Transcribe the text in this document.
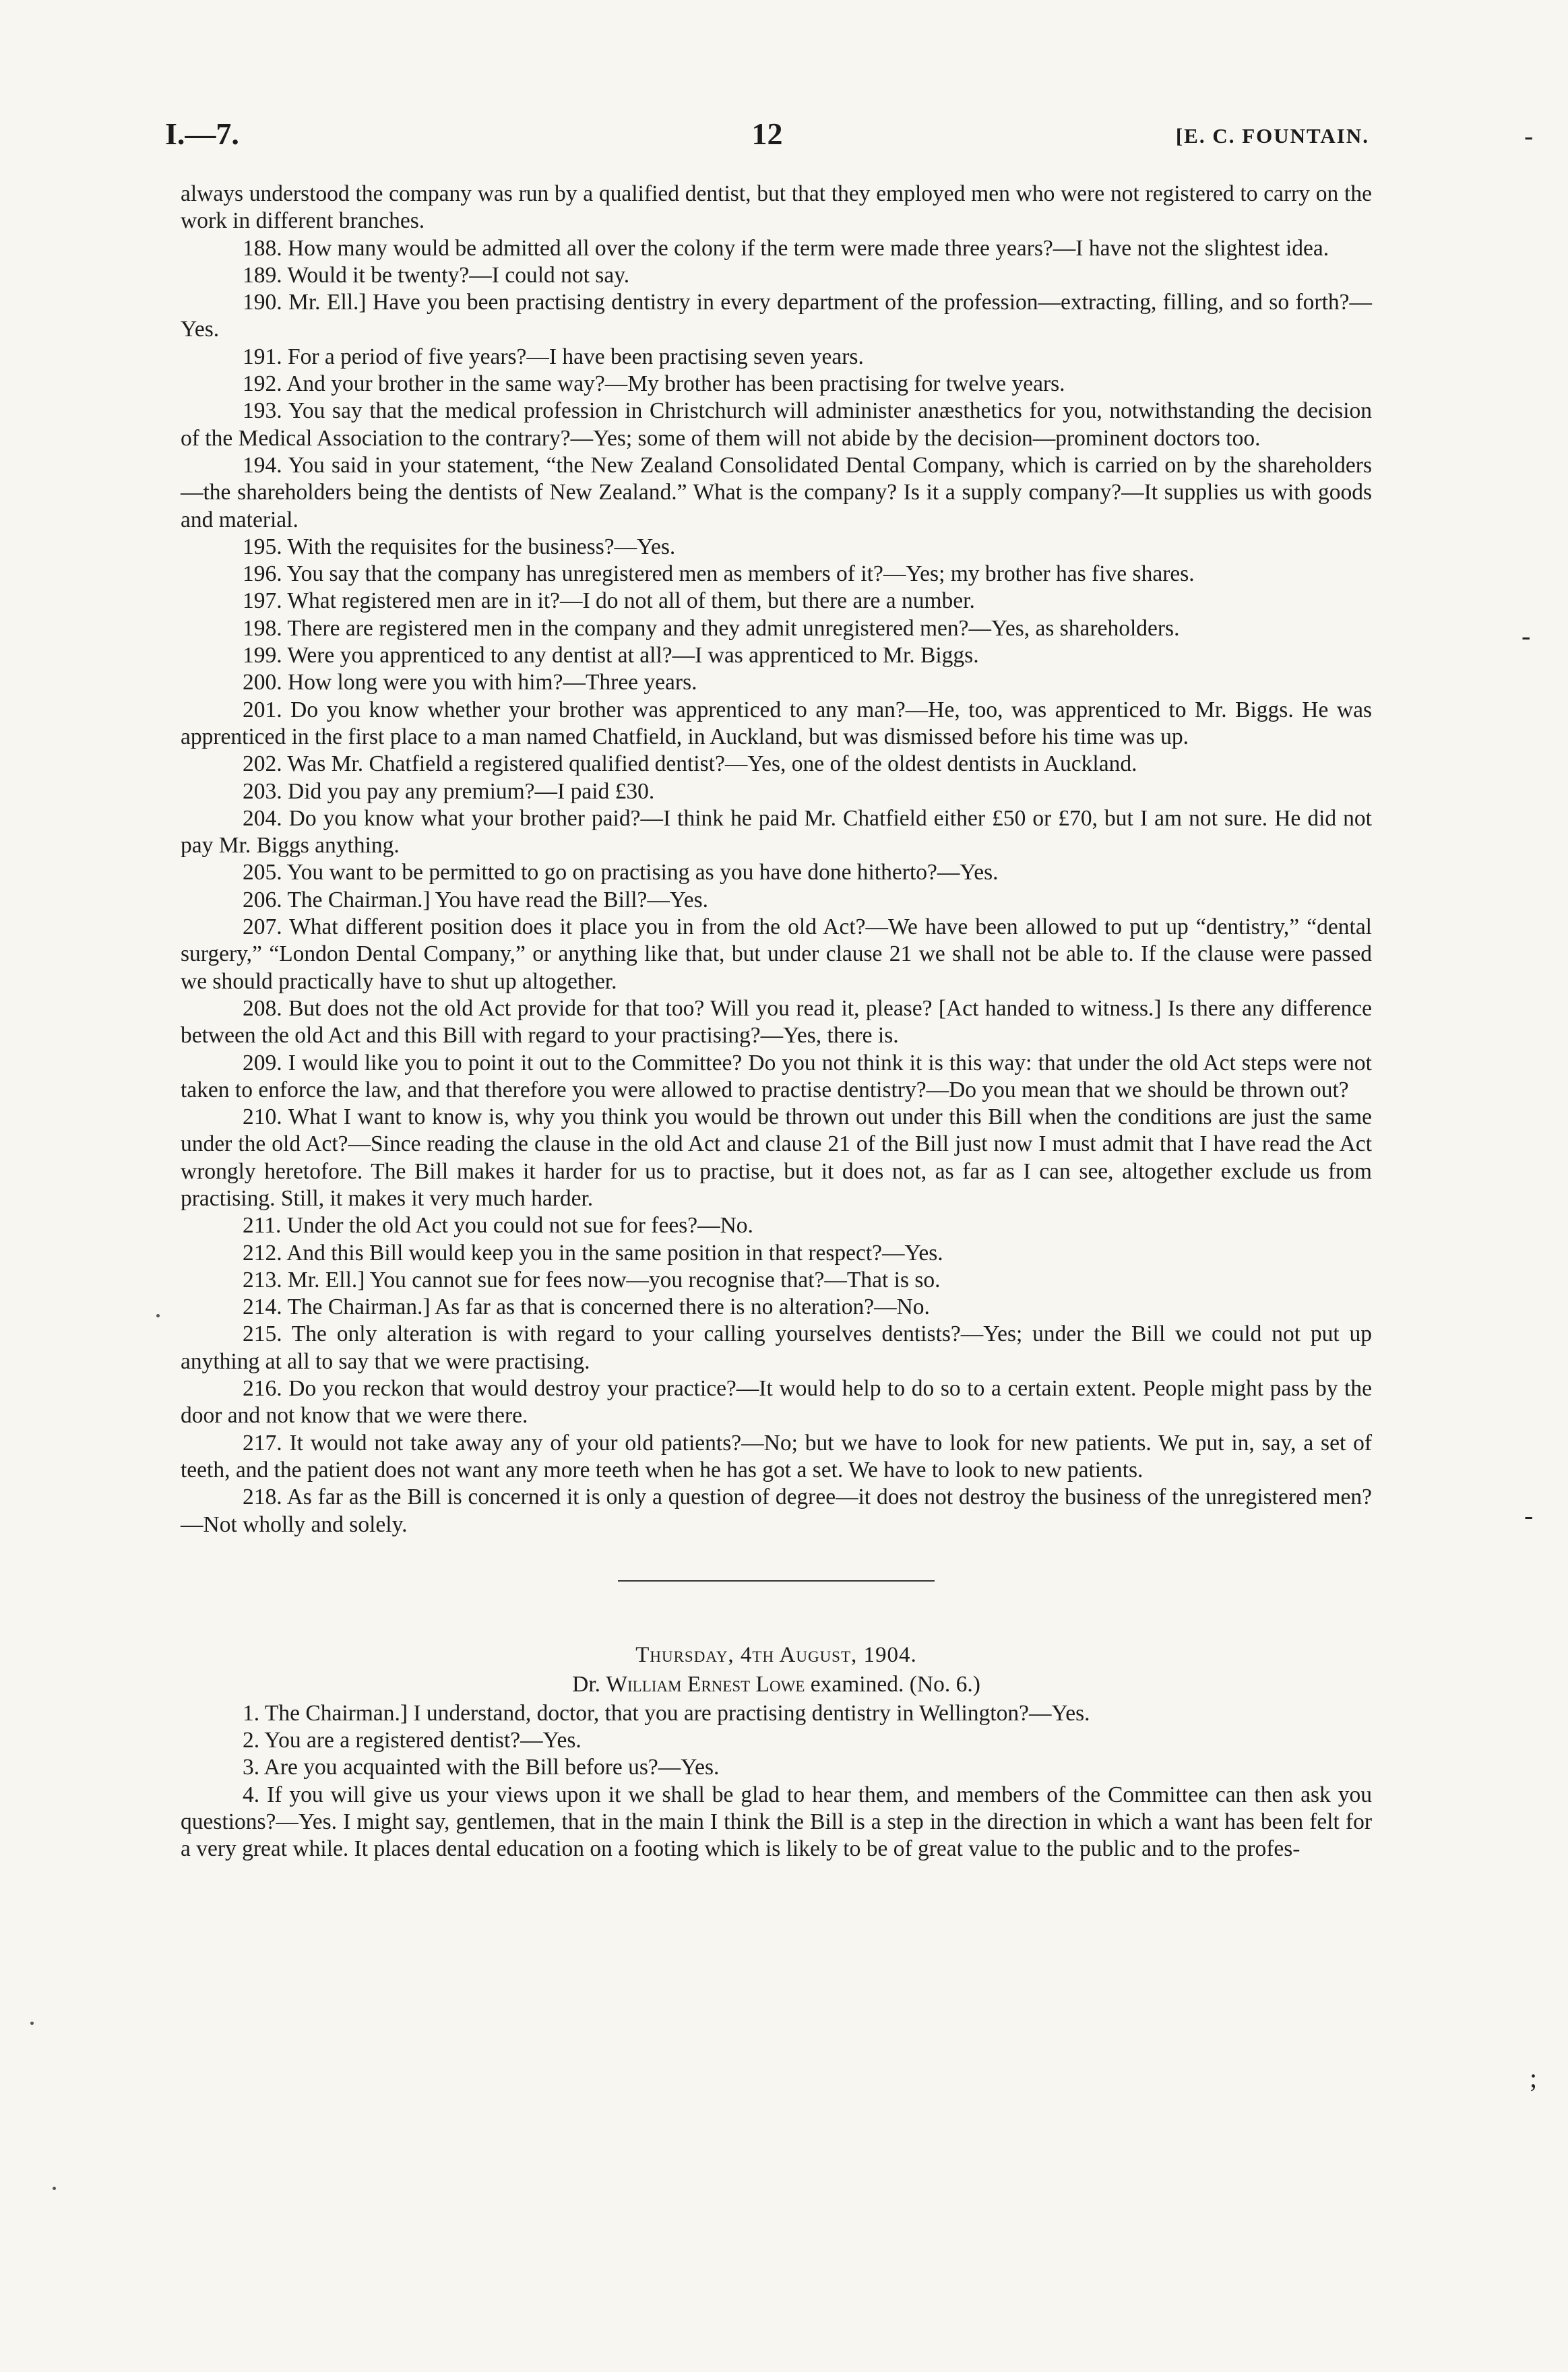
I.—7.	12	[E. C. FOUNTAIN.

always understood the company was run by a qualified dentist, but that they employed men who were not registered to carry on the work in different branches.

188. How many would be admitted all over the colony if the term were made three years?—I have not the slightest idea.

189. Would it be twenty?—I could not say.

190. Mr. Ell.] Have you been practising dentistry in every department of the profession—extracting, filling, and so forth?—Yes.

191. For a period of five years?—I have been practising seven years.

192. And your brother in the same way?—My brother has been practising for twelve years.

193. You say that the medical profession in Christchurch will administer anæsthetics for you, notwithstanding the decision of the Medical Association to the contrary?—Yes; some of them will not abide by the decision—prominent doctors too.

194. You said in your statement, “the New Zealand Consolidated Dental Company, which is carried on by the shareholders—the shareholders being the dentists of New Zealand.” What is the company? Is it a supply company?—It supplies us with goods and material.

195. With the requisites for the business?—Yes.

196. You say that the company has unregistered men as members of it?—Yes; my brother has five shares.

197. What registered men are in it?—I do not all of them, but there are a number.

198. There are registered men in the company and they admit unregistered men?—Yes, as shareholders.

199. Were you apprenticed to any dentist at all?—I was apprenticed to Mr. Biggs.

200. How long were you with him?—Three years.

201. Do you know whether your brother was apprenticed to any man?—He, too, was apprenticed to Mr. Biggs. He was apprenticed in the first place to a man named Chatfield, in Auckland, but was dismissed before his time was up.

202. Was Mr. Chatfield a registered qualified dentist?—Yes, one of the oldest dentists in Auckland.

203. Did you pay any premium?—I paid £30.

204. Do you know what your brother paid?—I think he paid Mr. Chatfield either £50 or £70, but I am not sure. He did not pay Mr. Biggs anything.

205. You want to be permitted to go on practising as you have done hitherto?—Yes.

206. The Chairman.] You have read the Bill?—Yes.

207. What different position does it place you in from the old Act?—We have been allowed to put up “dentistry,” “dental surgery,” “London Dental Company,” or anything like that, but under clause 21 we shall not be able to. If the clause were passed we should practically have to shut up altogether.

208. But does not the old Act provide for that too? Will you read it, please? [Act handed to witness.] Is there any difference between the old Act and this Bill with regard to your practising?—Yes, there is.

209. I would like you to point it out to the Committee? Do you not think it is this way: that under the old Act steps were not taken to enforce the law, and that therefore you were allowed to practise dentistry?—Do you mean that we should be thrown out?

210. What I want to know is, why you think you would be thrown out under this Bill when the conditions are just the same under the old Act?—Since reading the clause in the old Act and clause 21 of the Bill just now I must admit that I have read the Act wrongly heretofore. The Bill makes it harder for us to practise, but it does not, as far as I can see, altogether exclude us from practising. Still, it makes it very much harder.

211. Under the old Act you could not sue for fees?—No.

212. And this Bill would keep you in the same position in that respect?—Yes.

213. Mr. Ell.] You cannot sue for fees now—you recognise that?—That is so.

214. The Chairman.] As far as that is concerned there is no alteration?—No.

215. The only alteration is with regard to your calling yourselves dentists?—Yes; under the Bill we could not put up anything at all to say that we were practising.

216. Do you reckon that would destroy your practice?—It would help to do so to a certain extent. People might pass by the door and not know that we were there.

217. It would not take away any of your old patients?—No; but we have to look for new patients. We put in, say, a set of teeth, and the patient does not want any more teeth when he has got a set. We have to look to new patients.

218. As far as the Bill is concerned it is only a question of degree—it does not destroy the business of the unregistered men?—Not wholly and solely.

Thursday, 4th August, 1904.

Dr. William Ernest Lowe examined. (No. 6.)

1. The Chairman.] I understand, doctor, that you are practising dentistry in Wellington?—Yes.

2. You are a registered dentist?—Yes.

3. Are you acquainted with the Bill before us?—Yes.

4. If you will give us your views upon it we shall be glad to hear them, and members of the Committee can then ask you questions?—Yes. I might say, gentlemen, that in the main I think the Bill is a step in the direction in which a want has been felt for a very great while. It places dental education on a footing which is likely to be of great value to the public and to the profes-

-
-
-
;
